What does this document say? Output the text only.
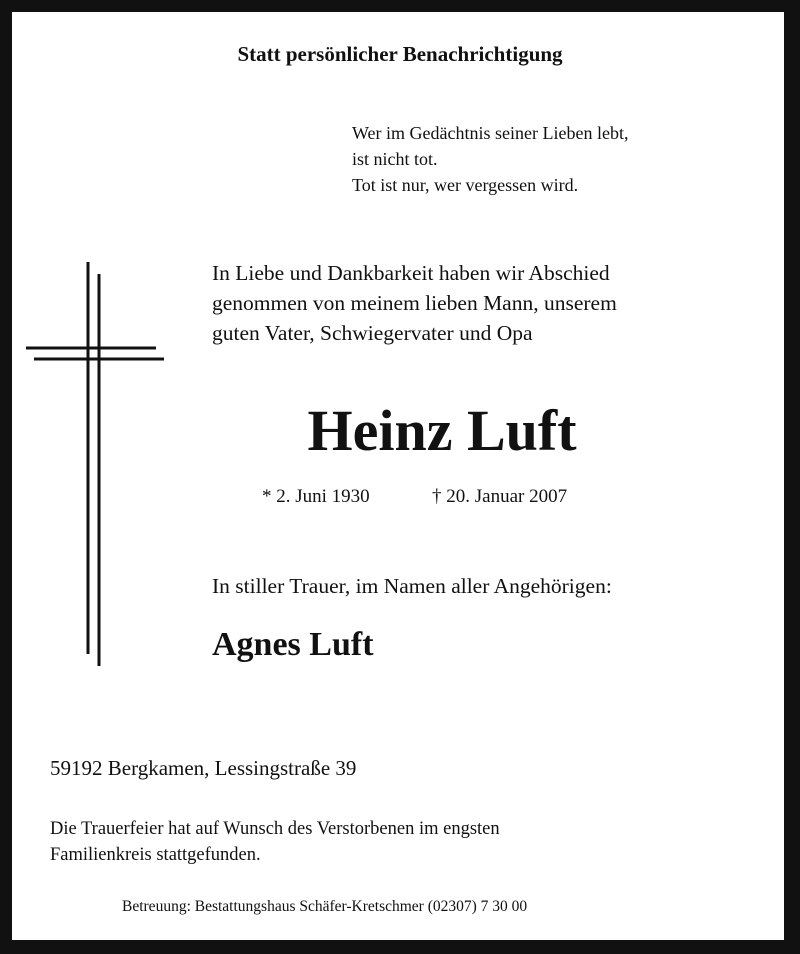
Statt persönlicher Benachrichtigung
Wer im Gedächtnis seiner Lieben lebt,
ist nicht tot.
Tot ist nur, wer vergessen wird.
In Liebe und Dankbarkeit haben wir Abschied
genommen von meinem lieben Mann, unserem
guten Vater, Schwiegervater und Opa
Heinz Luft
* 2. Juni 1930	† 20. Januar 2007
In stiller Trauer, im Namen aller Angehörigen:
Agnes Luft
59192 Bergkamen, Lessingstraße 39
Die Trauerfeier hat auf Wunsch des Verstorbenen im engsten
Familienkreis stattgefunden.
Betreuung: Bestattungshaus Schäfer-Kretschmer (02307) 7 30 00
